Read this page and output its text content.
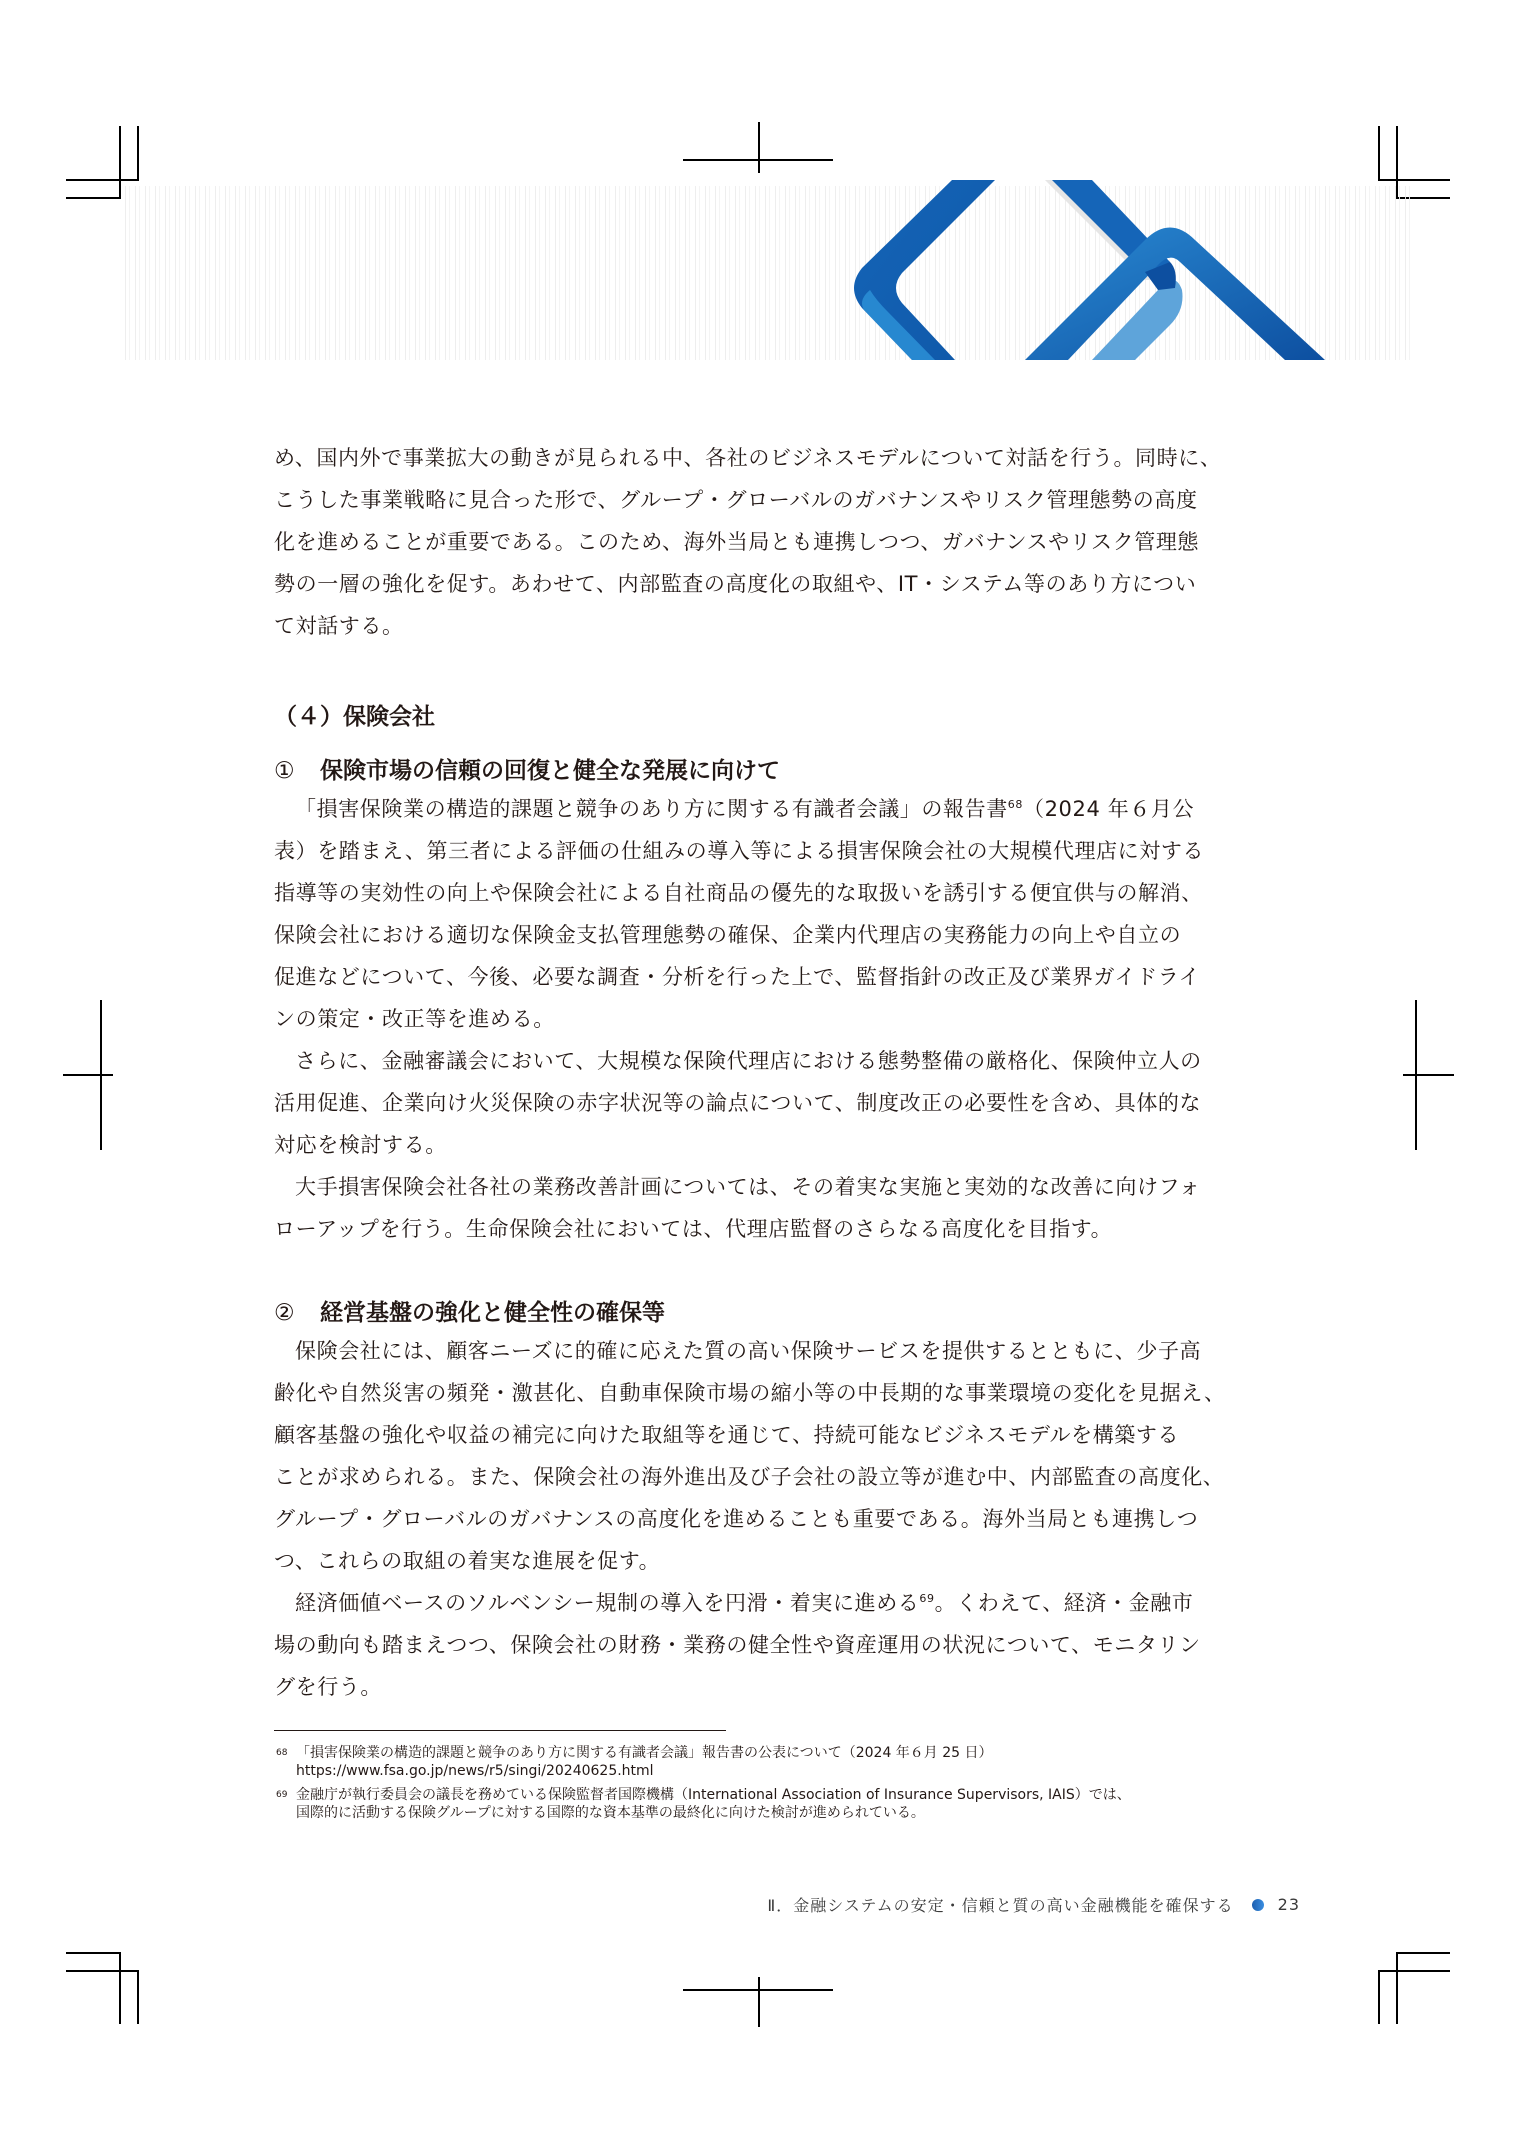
め、国内外で事業拡大の動きが見られる中、各社のビジネスモデルについて対話を行う。同時に、

こうした事業戦略に見合った形で、グループ・グローバルのガバナンスやリスク管理態勢の高度

化を進めることが重要である。このため、海外当局とも連携しつつ、ガバナンスやリスク管理態

勢の一層の強化を促す。あわせて、内部監査の高度化の取組や、IT・システム等のあり方につい

て対話する。

（４）保険会社
① 保険市場の信頼の回復と健全な発展に向けて

「損害保険業の構造的課題と競争のあり方に関する有識者会議」の報告書$^{68}$（2024 年６月公

表）を踏まえ、第三者による評価の仕組みの導入等による損害保険会社の大規模代理店に対する

指導等の実効性の向上や保険会社による自社商品の優先的な取扱いを誘引する便宜供与の解消、

保険会社における適切な保険金支払管理態勢の確保、企業内代理店の実務能力の向上や自立の

促進などについて、今後、必要な調査・分析を行った上で、監督指針の改正及び業界ガイドライ

ンの策定・改正等を進める。

さらに、金融審議会において、大規模な保険代理店における態勢整備の厳格化、保険仲立人の

活用促進、企業向け火災保険の赤字状況等の論点について、制度改正の必要性を含め、具体的な

対応を検討する。

大手損害保険会社各社の業務改善計画については、その着実な実施と実効的な改善に向けフォ

ローアップを行う。生命保険会社においては、代理店監督のさらなる高度化を目指す。

② 経営基盤の強化と健全性の確保等

保険会社には、顧客ニーズに的確に応えた質の高い保険サービスを提供するとともに、少子高

齢化や自然災害の頻発・激甚化、自動車保険市場の縮小等の中長期的な事業環境の変化を見据え、

顧客基盤の強化や収益の補完に向けた取組等を通じて、持続可能なビジネスモデルを構築する

ことが求められる。また、保険会社の海外進出及び子会社の設立等が進む中、内部監査の高度化、

グループ・グローバルのガバナンスの高度化を進めることも重要である。海外当局とも連携しつ

つ、これらの取組の着実な進展を促す。

経済価値ベースのソルベンシー規制の導入を円滑・着実に進める$^{69}$。くわえて、経済・金融市

場の動向も踏まえつつ、保険会社の財務・業務の健全性や資産運用の状況について、モニタリン

グを行う。

68 「損害保険業の構造的課題と競争のあり方に関する有識者会議」報告書の公表について（2024 年６月 25 日）
https://www.fsa.go.jp/news/r5/singi/20240625.html
69 金融庁が執行委員会の議長を務めている保険監督者国際機構（International Association of Insurance Supervisors, IAIS）では、
国際的に活動する保険グループに対する国際的な資本基準の最終化に向けた検討が進められている。
Ⅱ．金融システムの安定・信頼と質の高い金融機能を確保する	23
